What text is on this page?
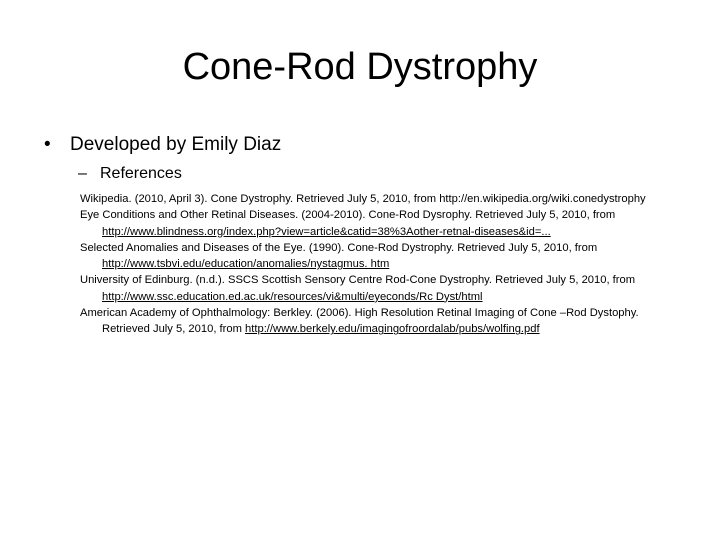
Cone-Rod Dystrophy
• Developed by Emily Diaz
– References

Wikipedia. (2010, April 3). Cone Dystrophy. Retrieved July 5, 2010, from http://en.wikipedia.org/wiki.conedystrophy

Eye Conditions and Other Retinal Diseases. (2004-2010). Cone-Rod Dysrophy. Retrieved July 5, 2010, from http://www.blindness.org/index.php?view=article&catid=38%3Aother-retnal-diseases&id=...

Selected Anomalies and Diseases of the Eye. (1990). Cone-Rod Dystrophy. Retrieved July 5, 2010, from http://www.tsbvi.edu/education/anomalies/nystagmus. htm

University of Edinburg. (n.d.). SSCS Scottish Sensory Centre Rod-Cone Dystrophy. Retrieved July 5, 2010, from http://www.ssc.education.ed.ac.uk/resources/vi&multi/eyeconds/Rc Dyst/html

American Academy of Ophthalmology: Berkley. (2006). High Resolution Retinal Imaging of Cone –Rod Dystophy. Retrieved July 5, 2010, from http://www.berkely.edu/imagingofroordalab/pubs/wolfing.pdf
